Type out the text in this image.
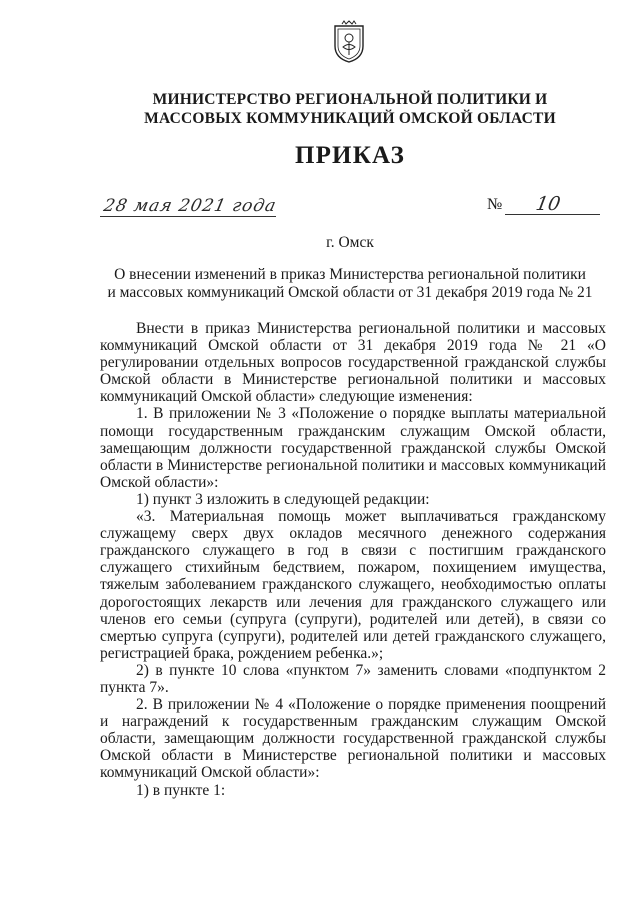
МИНИСТЕРСТВО РЕГИОНАЛЬНОЙ ПОЛИТИКИ И
МАССОВЫХ КОММУНИКАЦИЙ ОМСКОЙ ОБЛАСТИ
ПРИКАЗ
28 мая 2021 года	№ 10
г. Омск
О внесении изменений в приказ Министерства региональной политики
и массовых коммуникаций Омской области от 31 декабря 2019 года № 21

Внести в приказ Министерства региональной политики и массовых коммуникаций Омской области от 31 декабря 2019 года № 21 «О регулировании отдельных вопросов государственной гражданской службы Омской области в Министерстве региональной политики и массовых коммуникаций Омской области» следующие изменения:

1. В приложении № 3 «Положение о порядке выплаты материальной помощи государственным гражданским служащим Омской области, замещающим должности государственной гражданской службы Омской области в Министерстве региональной политики и массовых коммуникаций Омской области»:

1) пункт 3 изложить в следующей редакции:

«3. Материальная помощь может выплачиваться гражданскому служащему сверх двух окладов месячного денежного содержания гражданского служащего в год в связи с постигшим гражданского служащего стихийным бедствием, пожаром, похищением имущества, тяжелым заболеванием гражданского служащего, необходимостью оплаты дорогостоящих лекарств или лечения для гражданского служащего или членов его семьи (супруга (супруги), родителей или детей), в связи со смертью супруга (супруги), родителей или детей гражданского служащего, регистрацией брака, рождением ребенка.»;

2) в пункте 10 слова «пунктом 7» заменить словами «подпунктом 2 пункта 7».

2. В приложении № 4 «Положение о порядке применения поощрений и награждений к государственным гражданским служащим Омской области, замещающим должности государственной гражданской службы Омской области в Министерстве региональной политики и массовых коммуникаций Омской области»:

1) в пункте 1:
